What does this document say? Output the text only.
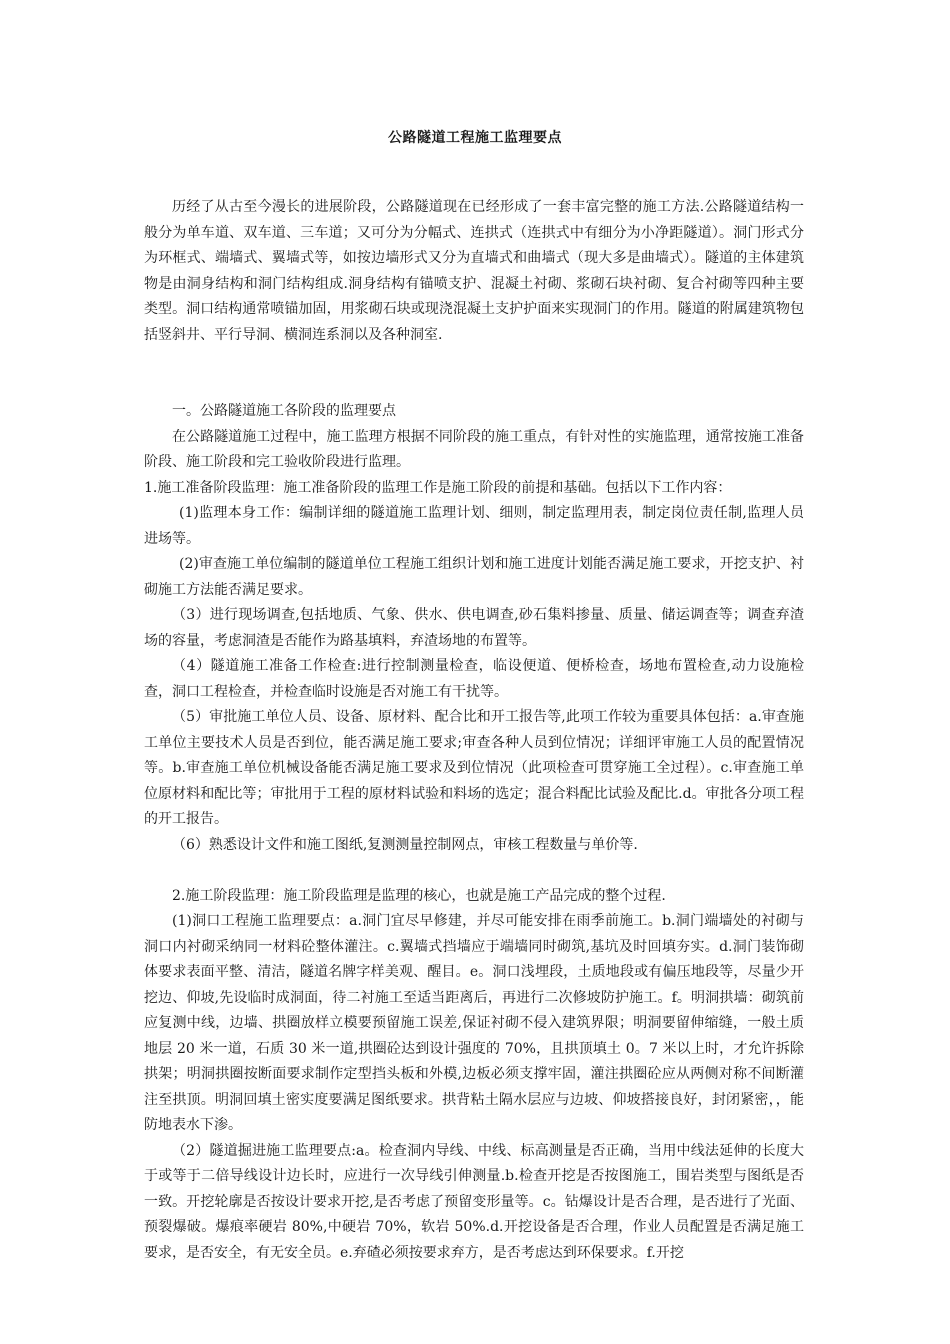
公路隧道工程施工监理要点

历经了从古至今漫长的进展阶段，公路隧道现在已经形成了一套丰富完整的施工方法.公路隧道结构一般分为单车道、双车道、三车道；又可分为分幅式、连拱式（连拱式中有细分为小净距隧道）。洞门形式分为环框式、端墙式、翼墙式等，如按边墙形式又分为直墙式和曲墙式（现大多是曲墙式）。隧道的主体建筑物是由洞身结构和洞门结构组成.洞身结构有锚喷支护、混凝土衬砌、浆砌石块衬砌、复合衬砌等四种主要类型。洞口结构通常喷锚加固，用浆砌石块或现浇混凝土支护护面来实现洞门的作用。隧道的附属建筑物包括竖斜井、平行导洞、横洞连系洞以及各种洞室.

一。公路隧道施工各阶段的监理要点

在公路隧道施工过程中，施工监理方根据不同阶段的施工重点，有针对性的实施监理，通常按施工准备阶段、施工阶段和完工验收阶段进行监理。

1.施工准备阶段监理：施工准备阶段的监理工作是施工阶段的前提和基础。包括以下工作内容：

(1)监理本身工作：编制详细的隧道施工监理计划、细则，制定监理用表，制定岗位责任制,监理人员进场等。

(2)审查施工单位编制的隧道单位工程施工组织计划和施工进度计划能否满足施工要求，开挖支护、衬砌施工方法能否满足要求。

（3）进行现场调查,包括地质、气象、供水、供电调查,砂石集料掺量、质量、储运调查等；调查弃渣场的容量，考虑洞渣是否能作为路基填料，弃渣场地的布置等。

（4）隧道施工准备工作检查:进行控制测量检查，临设便道、便桥检查，场地布置检查,动力设施检查，洞口工程检查，并检查临时设施是否对施工有干扰等。

（5）审批施工单位人员、设备、原材料、配合比和开工报告等,此项工作较为重要具体包括：a.审查施工单位主要技术人员是否到位，能否满足施工要求;审查各种人员到位情况；详细评审施工人员的配置情况等。b.审查施工单位机械设备能否满足施工要求及到位情况（此项检查可贯穿施工全过程）。c.审查施工单位原材料和配比等；审批用于工程的原材料试验和料场的选定；混合料配比试验及配比.d。审批各分项工程的开工报告。

（6）熟悉设计文件和施工图纸,复测测量控制网点，审核工程数量与单价等.

2.施工阶段监理：施工阶段监理是监理的核心，也就是施工产品完成的整个过程.

(1)洞口工程施工监理要点：a.洞门宜尽早修建，并尽可能安排在雨季前施工。b.洞门端墙处的衬砌与洞口内衬砌采纳同一材料砼整体灌注。c.翼墙式挡墙应于端墙同时砌筑,基坑及时回填夯实。d.洞门装饰砌体要求表面平整、清洁，隧道名牌字样美观、醒目。e。洞口浅埋段，土质地段或有偏压地段等，尽量少开挖边、仰坡,先设临时成洞面，待二衬施工至适当距离后，再进行二次修坡防护施工。f。明洞拱墙：砌筑前应复测中线，边墙、拱圈放样立模要预留施工误差,保证衬砌不侵入建筑界限；明洞要留伸缩缝，一般土质地层 20 米一道，石质 30 米一道,拱圈砼达到设计强度的 70%，且拱顶填土 0。7 米以上时，才允许拆除拱架；明洞拱圈按断面要求制作定型挡头板和外模,边板必须支撑牢固，灌注拱圈砼应从两侧对称不间断灌注至拱顶。明洞回填土密实度要满足图纸要求。拱背粘土隔水层应与边坡、仰坡搭接良好，封闭紧密，，能防地表水下渗。

（2）隧道掘进施工监理要点:a。检查洞内导线、中线、标高测量是否正确，当用中线法延伸的长度大于或等于二倍导线设计边长时，应进行一次导线引伸测量.b.检查开挖是否按图施工，围岩类型与图纸是否一致。开挖轮廓是否按设计要求开挖,是否考虑了预留变形量等。c。钻爆设计是否合理，是否进行了光面、预裂爆破。爆痕率硬岩 80%,中硬岩 70%，软岩 50%.d.开挖设备是否合理，作业人员配置是否满足施工要求，是否安全，有无安全员。e.弃碴必须按要求弃方，是否考虑达到环保要求。f.开挖
